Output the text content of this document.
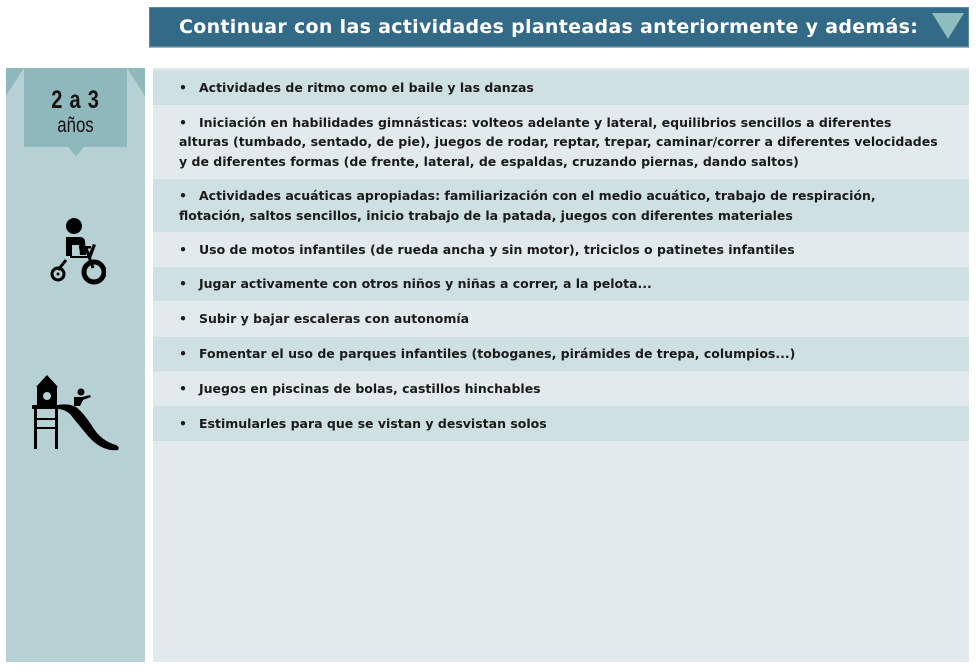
Continuar con las actividades planteadas anteriormente y además:
2 a 3
años
• Actividades de ritmo como el baile y las danzas
• Iniciación en habilidades gimnásticas: volteos adelante y lateral, equilibrios sencillos a diferentes alturas (tumbado, sentado, de pie), juegos de rodar, reptar, trepar, caminar/correr a diferentes velocidades y de diferentes formas (de frente, lateral, de espaldas, cruzando piernas, dando saltos)
• Actividades acuáticas apropiadas: familiarización con el medio acuático, trabajo de respiración, flotación, saltos sencillos, inicio trabajo de la patada, juegos con diferentes materiales
• Uso de motos infantiles (de rueda ancha y sin motor), triciclos o patinetes infantiles
• Jugar activamente con otros niños y niñas a correr, a la pelota...
• Subir y bajar escaleras con autonomía
• Fomentar el uso de parques infantiles (toboganes, pirámides de trepa, columpios...)
• Juegos en piscinas de bolas, castillos hinchables
• Estimularles para que se vistan y desvistan solos
